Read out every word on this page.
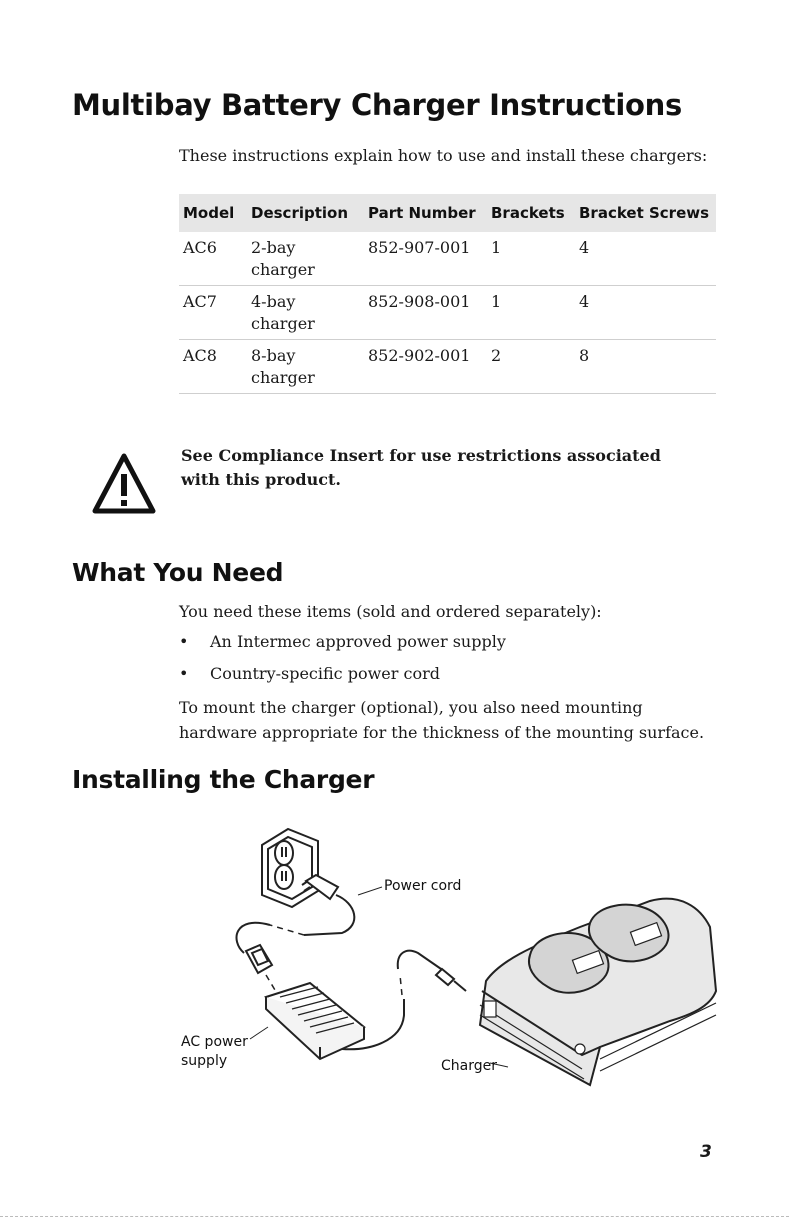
Multibay Battery Charger Instructions
These instructions explain how to use and install these chargers:
Model	Description	Part Number	Brackets	Bracket Screws
AC6	2-bay charger	852-907-001	1	4
AC7	4-bay charger	852-908-001	1	4
AC8	8-bay charger	852-902-001	2	8
See Compliance Insert for use restrictions associated with this product.
What You Need
You need these items (sold and ordered separately):
• An Intermec approved power supply
• Country-specific power cord
To mount the charger (optional), you also need mounting hardware appropriate for the thickness of the mounting surface.
Installing the Charger
Power cord
AC power
supply	Charger
3
